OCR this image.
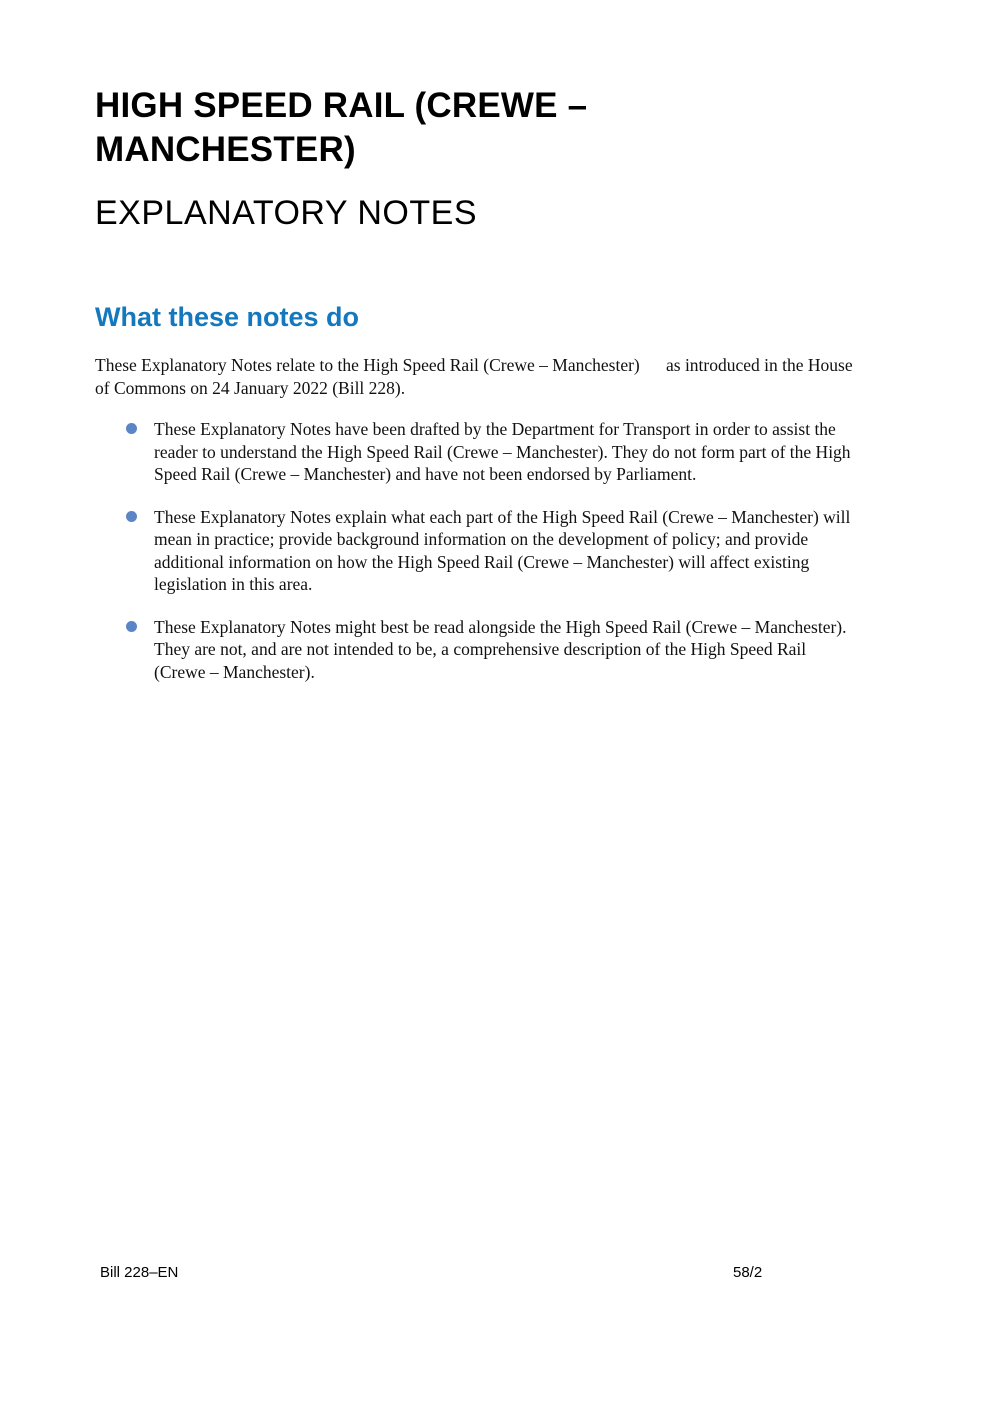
HIGH SPEED RAIL (CREWE – MANCHESTER)
EXPLANATORY NOTES
What these notes do

These Explanatory Notes relate to the High Speed Rail (Crewe – Manchester)      as introduced in the House of Commons on 24 January 2022 (Bill 228).

These Explanatory Notes have been drafted by the Department for Transport in order to assist the reader to understand the High Speed Rail (Crewe – Manchester). They do not form part of the High Speed Rail (Crewe – Manchester) and have not been endorsed by Parliament.
These Explanatory Notes explain what each part of the High Speed Rail (Crewe – Manchester) will mean in practice; provide background information on the development of policy; and provide additional information on how the High Speed Rail (Crewe – Manchester) will affect existing legislation in this area.
These Explanatory Notes might best be read alongside the High Speed Rail (Crewe – Manchester). They are not, and are not intended to be, a comprehensive description of the High Speed Rail (Crewe – Manchester).
Bill 228–EN	58/2
